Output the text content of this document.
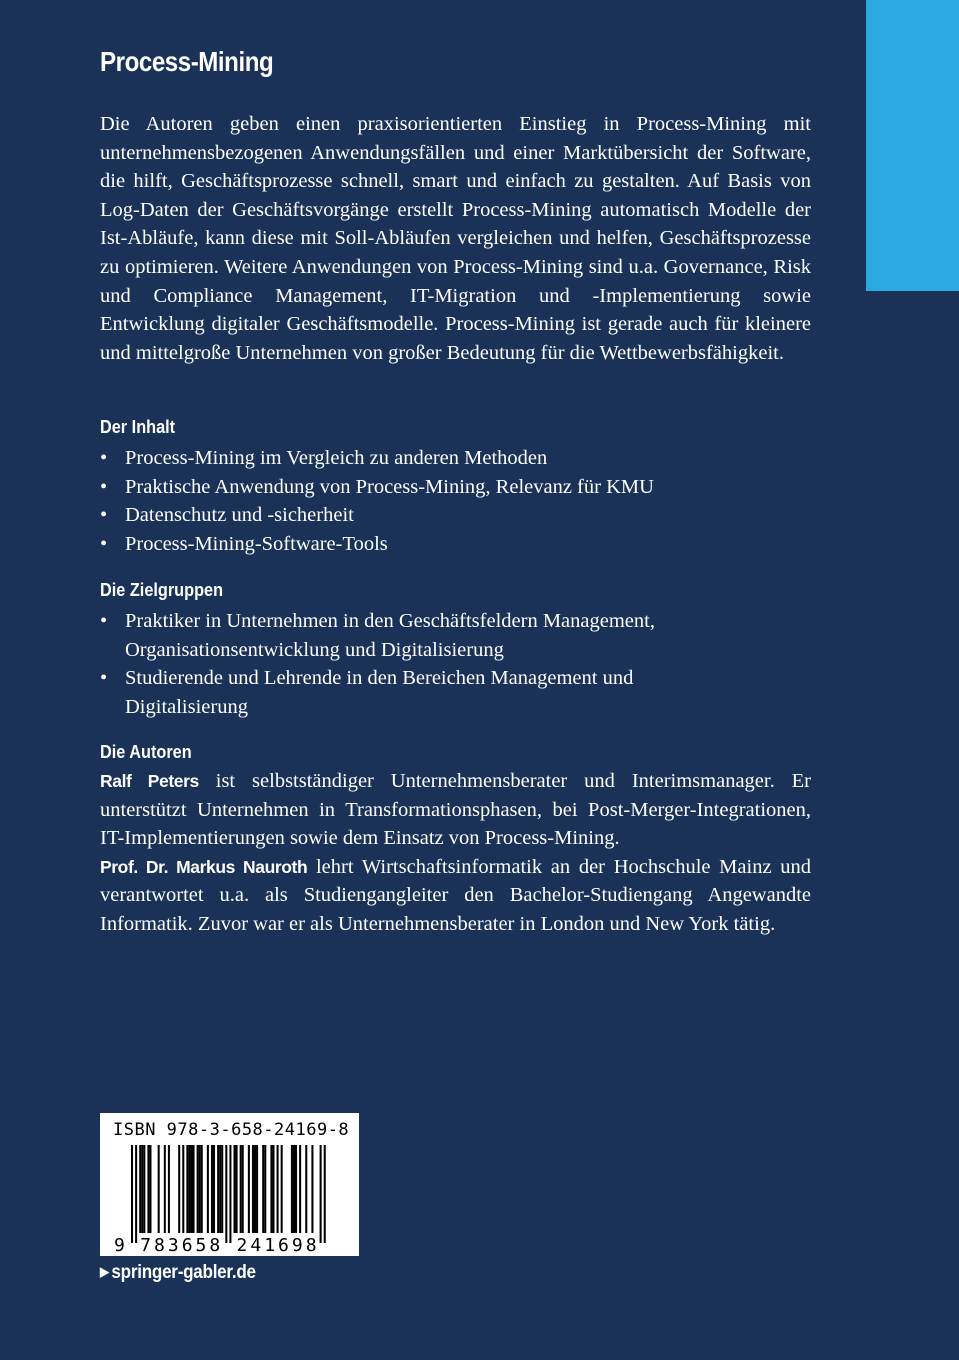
Process-Mining
Die Autoren geben einen praxisorientierten Einstieg in Process-Mining mit unternehmensbezogenen Anwendungsfällen und einer Marktübersicht der Software, die hilft, Geschäftsprozesse schnell, smart und einfach zu gestalten. Auf Basis von Log-Daten der Geschäftsvorgänge erstellt Process-Mining automatisch Modelle der Ist-Abläufe, kann diese mit Soll-Abläufen vergleichen und helfen, Geschäftsprozesse zu optimieren. Weitere Anwendungen von Process-Mining sind u.a. Governance, Risk und Compliance Management, IT-Migration und -Implementierung sowie Entwicklung digitaler Geschäftsmodelle. Process-Mining ist gerade auch für kleinere und mittelgroße Unternehmen von großer Bedeutung für die Wettbewerbsfähigkeit.
Der Inhalt
• Process-Mining im Vergleich zu anderen Methoden
• Praktische Anwendung von Process-Mining, Relevanz für KMU
• Datenschutz und -sicherheit
• Process-Mining-Software-Tools
Die Zielgruppen
• Praktiker in Unternehmen in den Geschäftsfeldern Management, Organisationsentwicklung und Digitalisierung
• Studierende und Lehrende in den Bereichen Management und Digitalisierung
Die Autoren
Ralf Peters ist selbstständiger Unternehmensberater und Interimsmanager. Er unterstützt Unternehmen in Transformationsphasen, bei Post-Merger-Integrationen, IT-Implementierungen sowie dem Einsatz von Process-Mining.
Prof. Dr. Markus Nauroth lehrt Wirtschaftsinformatik an der Hochschule Mainz und verantwortet u.a. als Studiengangleiter den Bachelor-Studiengang Angewandte Informatik. Zuvor war er als Unternehmensberater in London und New York tätig.
ISBN 978-3-658-24169-8
9 783658 241698
▶ springer-gabler.de
